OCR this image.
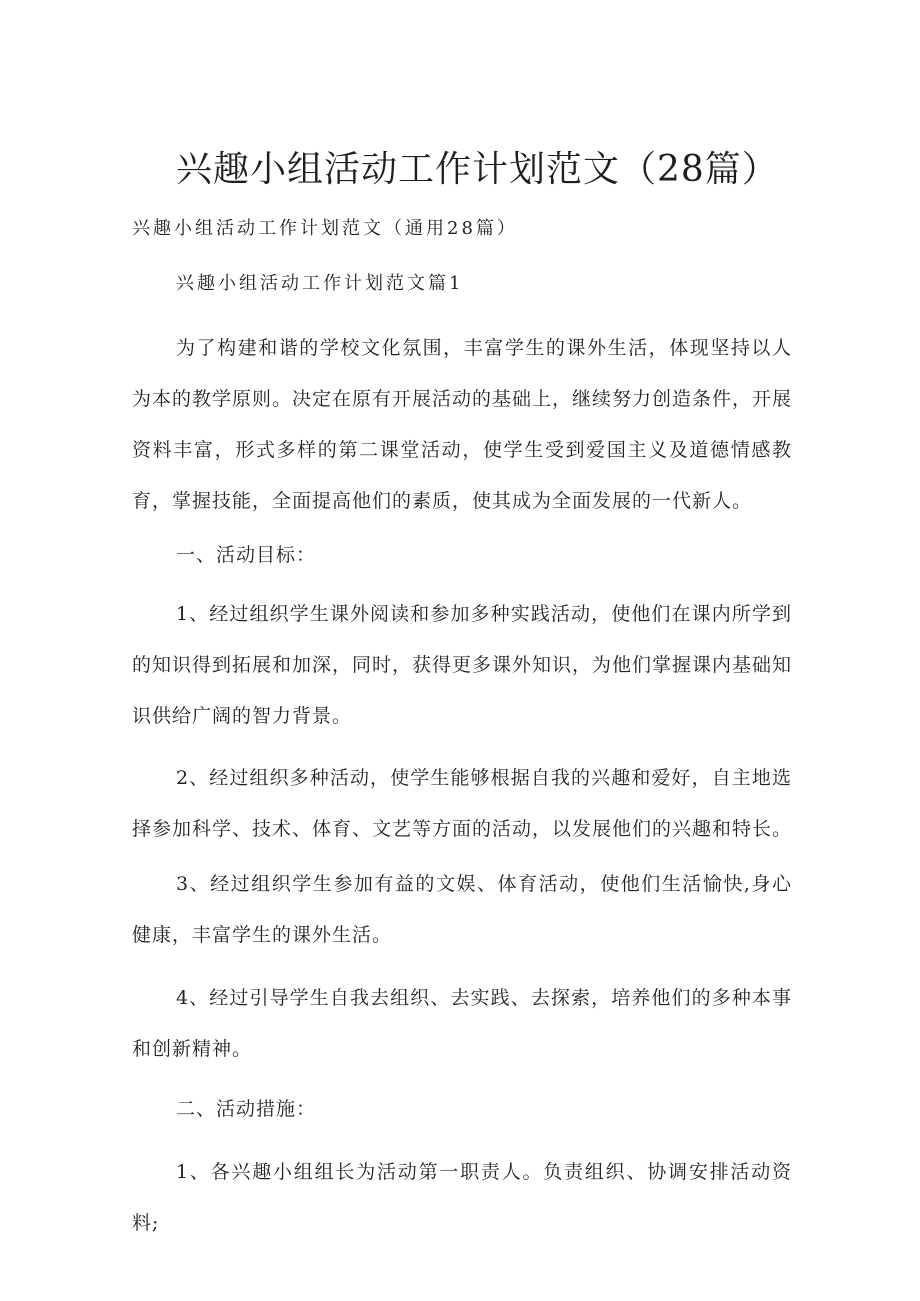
兴趣小组活动工作计划范文（28篇）
兴趣小组活动工作计划范文（通用28篇）
兴趣小组活动工作计划范文篇1

为了构建和谐的学校文化氛围，丰富学生的课外生活，体现坚持以人为本的教学原则。决定在原有开展活动的基础上，继续努力创造条件，开展资料丰富，形式多样的第二课堂活动，使学生受到爱国主义及道德情感教育，掌握技能，全面提高他们的素质，使其成为全面发展的一代新人。

一、活动目标：

1、经过组织学生课外阅读和参加多种实践活动，使他们在课内所学到的知识得到拓展和加深，同时，获得更多课外知识，为他们掌握课内基础知识供给广阔的智力背景。

2、经过组织多种活动，使学生能够根据自我的兴趣和爱好，自主地选择参加科学、技术、体育、文艺等方面的活动，以发展他们的兴趣和特长。

3、经过组织学生参加有益的文娱、体育活动，使他们生活愉快,身心健康，丰富学生的课外生活。

4、经过引导学生自我去组织、去实践、去探索，培养他们的多种本事和创新精神。

二、活动措施：

1、各兴趣小组组长为活动第一职责人。负责组织、协调安排活动资料;
